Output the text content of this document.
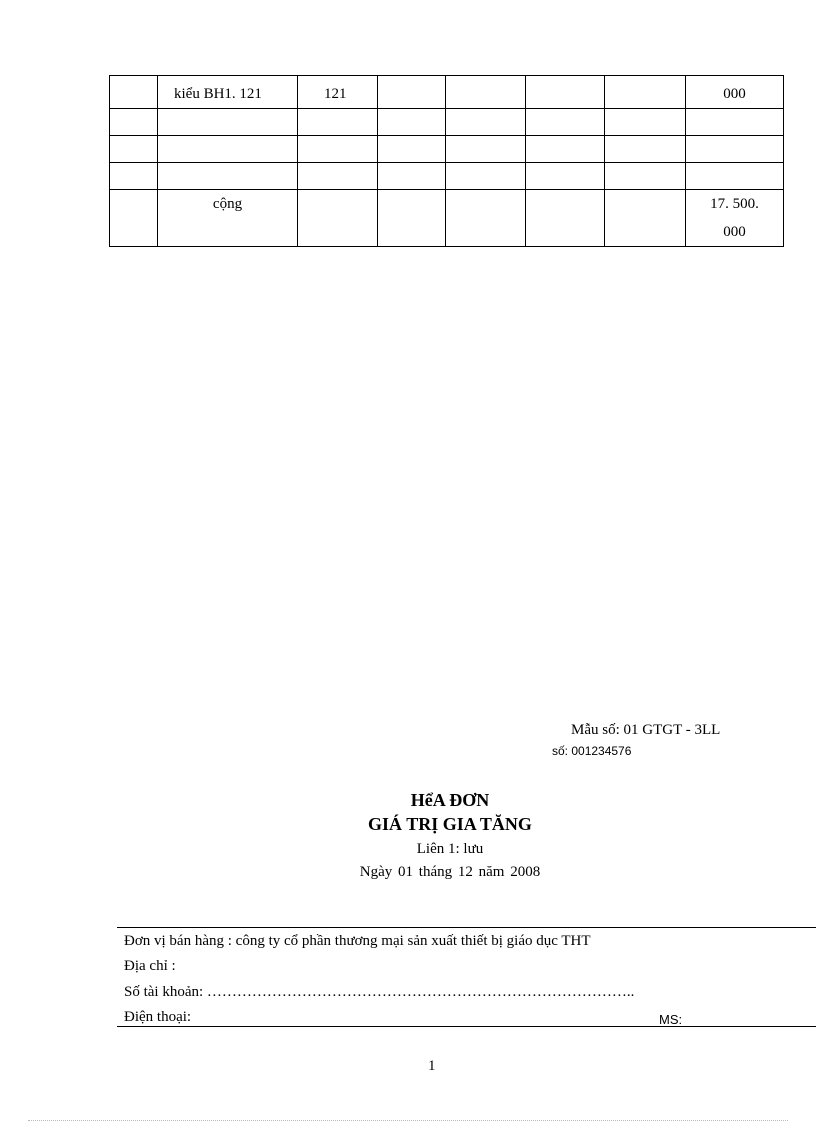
	kiểu BH1. 121	121					000

	cộng						17. 500.
000
Mẫu số: 01 GTGT - 3LL
số: 001234576
HểA ĐƠN
GIÁ TRỊ GIA TĂNG
Liên 1: lưu
Ngày 01 tháng 12 năm 2008
Đơn vị bán hàng : công ty cổ phần thương mại sản xuất thiết bị giáo dục THT
Địa chỉ :
Số tài khoản: …………………………………………………………………………..
Điện thoại:	MS:
1
